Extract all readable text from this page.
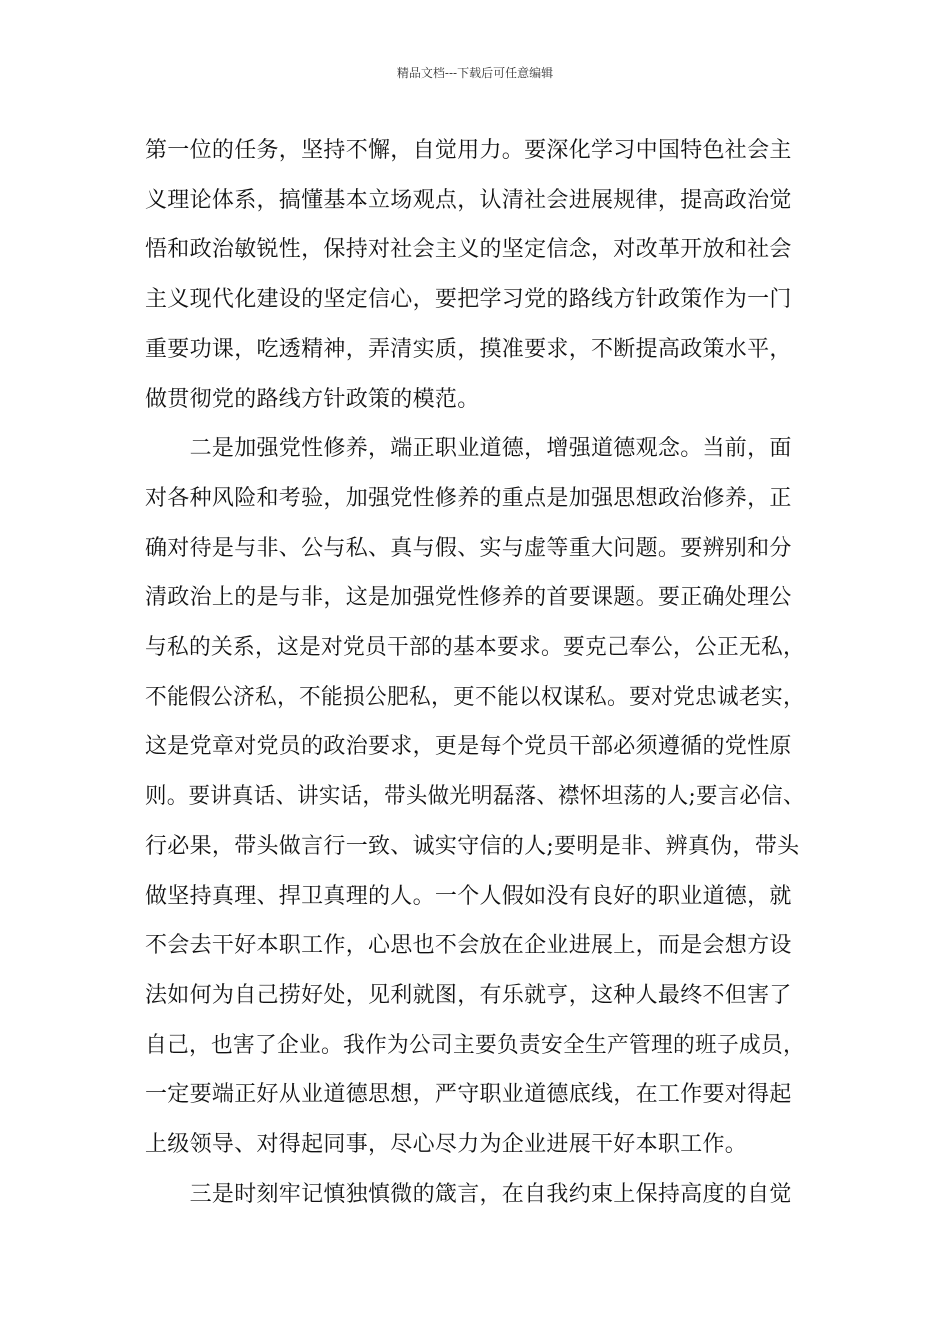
精品文档---下载后可任意编辑
第一位的任务，坚持不懈，自觉用力。要深化学习中国特色社会主
义理论体系，搞懂基本立场观点，认清社会进展规律，提高政治觉
悟和政治敏锐性，保持对社会主义的坚定信念，对改革开放和社会
主义现代化建设的坚定信心，要把学习党的路线方针政策作为一门
重要功课，吃透精神，弄清实质，摸准要求，不断提高政策水平，
做贯彻党的路线方针政策的模范。
　　二是加强党性修养，端正职业道德，增强道德观念。当前，面
对各种风险和考验，加强党性修养的重点是加强思想政治修养，正
确对待是与非、公与私、真与假、实与虚等重大问题。要辨别和分
清政治上的是与非，这是加强党性修养的首要课题。要正确处理公
与私的关系，这是对党员干部的基本要求。要克己奉公，公正无私，
不能假公济私，不能损公肥私，更不能以权谋私。要对党忠诚老实，
这是党章对党员的政治要求，更是每个党员干部必须遵循的党性原
则。要讲真话、讲实话，带头做光明磊落、襟怀坦荡的人;要言必信、
行必果，带头做言行一致、诚实守信的人;要明是非、辨真伪，带头
做坚持真理、捍卫真理的人。一个人假如没有良好的职业道德，就
不会去干好本职工作，心思也不会放在企业进展上，而是会想方设
法如何为自己捞好处，见利就图，有乐就亨，这种人最终不但害了
自己，也害了企业。我作为公司主要负责安全生产管理的班子成员，
一定要端正好从业道德思想，严守职业道德底线，在工作要对得起
上级领导、对得起同事，尽心尽力为企业进展干好本职工作。
　　三是时刻牢记慎独慎微的箴言，在自我约束上保持高度的自觉
